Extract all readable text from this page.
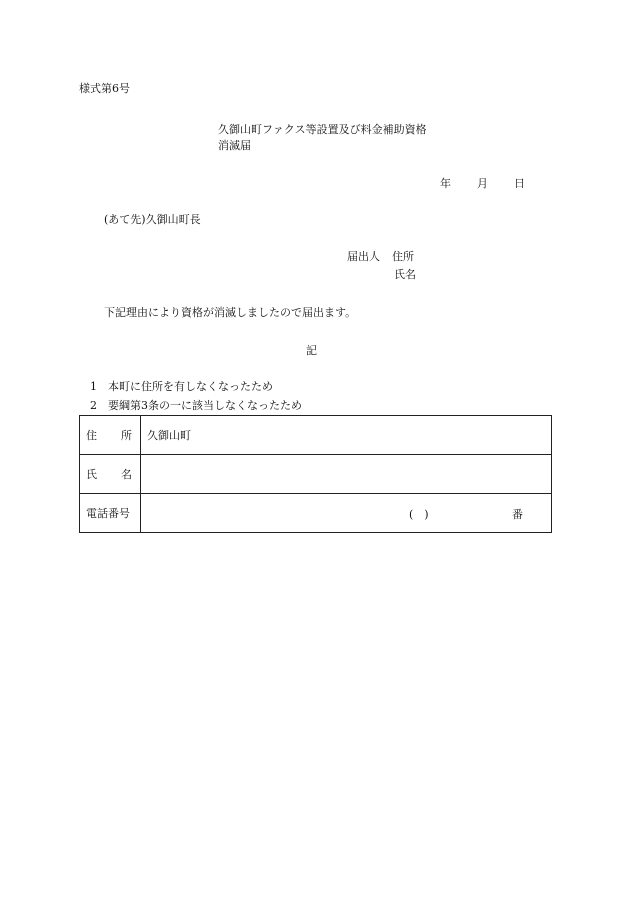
様式第6号
久御山町ファクス等設置及び料金補助資格消滅届
年 月 日
(あて先)久御山町長
届出人 住所
氏名
下記理由により資格が消滅しましたので届出ます。
記
1 本町に住所を有しなくなったため
2 要綱第3条の一に該当しなくなったため
住 所	久御山町

氏 名	

電話番号	(　) 番
